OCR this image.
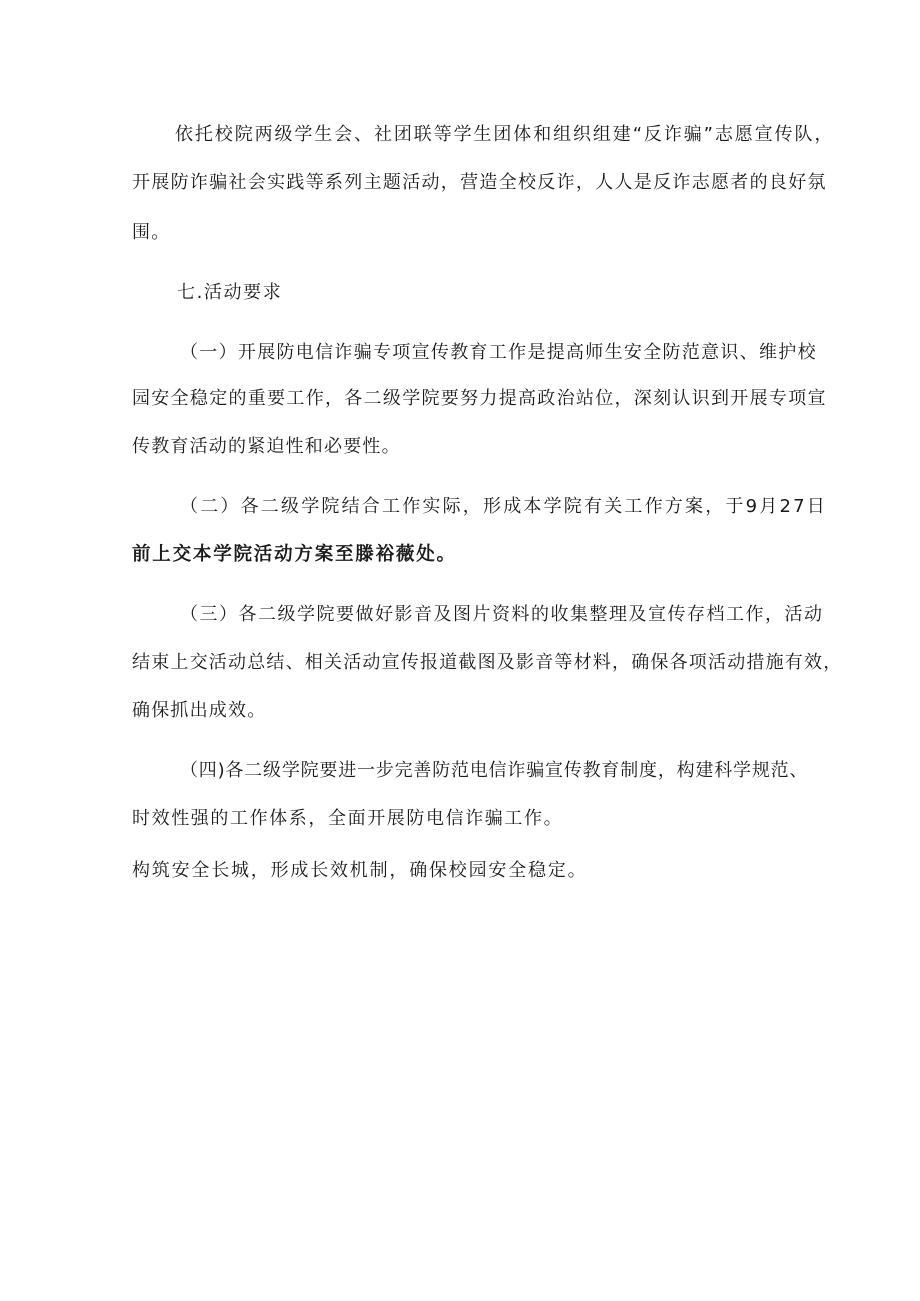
依托校院两级学生会、社团联等学生团体和组织组建“反诈骗”志愿宣传队，
开展防诈骗社会实践等系列主题活动，营造全校反诈，人人是反诈志愿者的良好氛
围。
七.活动要求
（一）开展防电信诈骗专项宣传教育工作是提高师生安全防范意识、维护校
园安全稳定的重要工作，各二级学院要努力提高政治站位，深刻认识到开展专项宣
传教育活动的紧迫性和必要性。
（二）各二级学院结合工作实际，形成本学院有关工作方案，于9月27日
前上交本学院活动方案至滕裕薇处。
（三）各二级学院要做好影音及图片资料的收集整理及宣传存档工作，活动
结束上交活动总结、相关活动宣传报道截图及影音等材料，确保各项活动措施有效，
确保抓出成效。
（四)各二级学院要进一步完善防范电信诈骗宣传教育制度，构建科学规范、
时效性强的工作体系，全面开展防电信诈骗工作。
构筑安全长城，形成长效机制，确保校园安全稳定。
